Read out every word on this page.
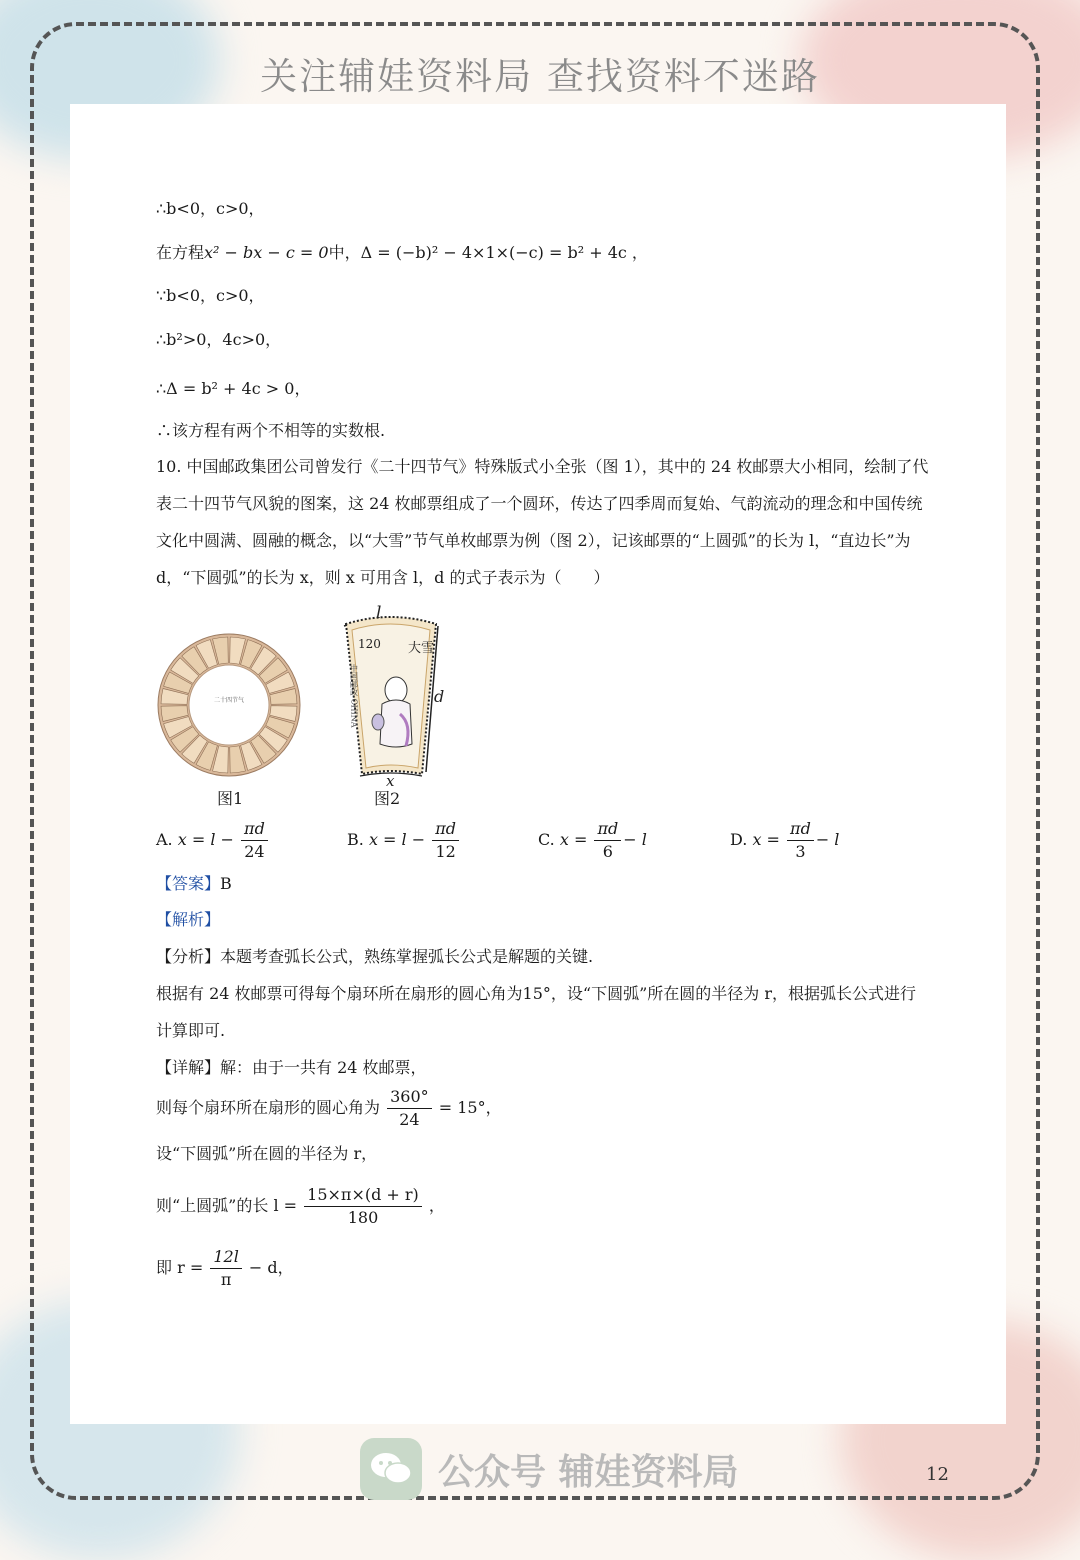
关注辅娃资料局 查找资料不迷路
∴b<0，c>0，
在方程x² − bx − c = 0中，Δ = (−b)² − 4×1×(−c) = b² + 4c ，
∵b<0，c>0，
∴b²>0，4c>0，
∴Δ = b² + 4c > 0，
∴该方程有两个不相等的实数根.
10. 中国邮政集团公司曾发行《二十四节气》特殊版式小全张（图 1），其中的 24 枚邮票大小相同，绘制了代表二十四节气风貌的图案，这 24 枚邮票组成了一个圆环，传达了四季周而复始、气韵流动的理念和中国传统文化中圆满、圆融的概念，以“大雪”节气单枚邮票为例（图 2），记该邮票的“上圆弧”的长为 l，“直边长”为 d，“下圆弧”的长为 x，则 x 可用含 l，d 的式子表示为（　　）
二十四节气
图1
120 大雪
中国邮政 CHINA
l
d
x
图2
A. $x = l - \frac{\pi d}{24}$	B. $x = l - \frac{\pi d}{12}$	C. $x = \frac{\pi d}{6} - l$	D. $x = \frac{\pi d}{3} - l$
【答案】B
【解析】
【分析】本题考查弧长公式，熟练掌握弧长公式是解题的关键.
根据有 24 枚邮票可得每个扇环所在扇形的圆心角为15°，设“下圆弧”所在圆的半径为 r，根据弧长公式进行计算即可.
【详解】解：由于一共有 24 枚邮票，
则每个扇环所在扇形的圆心角为 $\frac{360^\circ}{24} = 15^\circ$，
设“下圆弧”所在圆的半径为 r，
则“上圆弧”的长 $l = \frac{15\times\pi\times(d + r)}{180}$ ，
即 $r = \frac{12l}{\pi} - d$，
公众号 辅娃资料局	12
